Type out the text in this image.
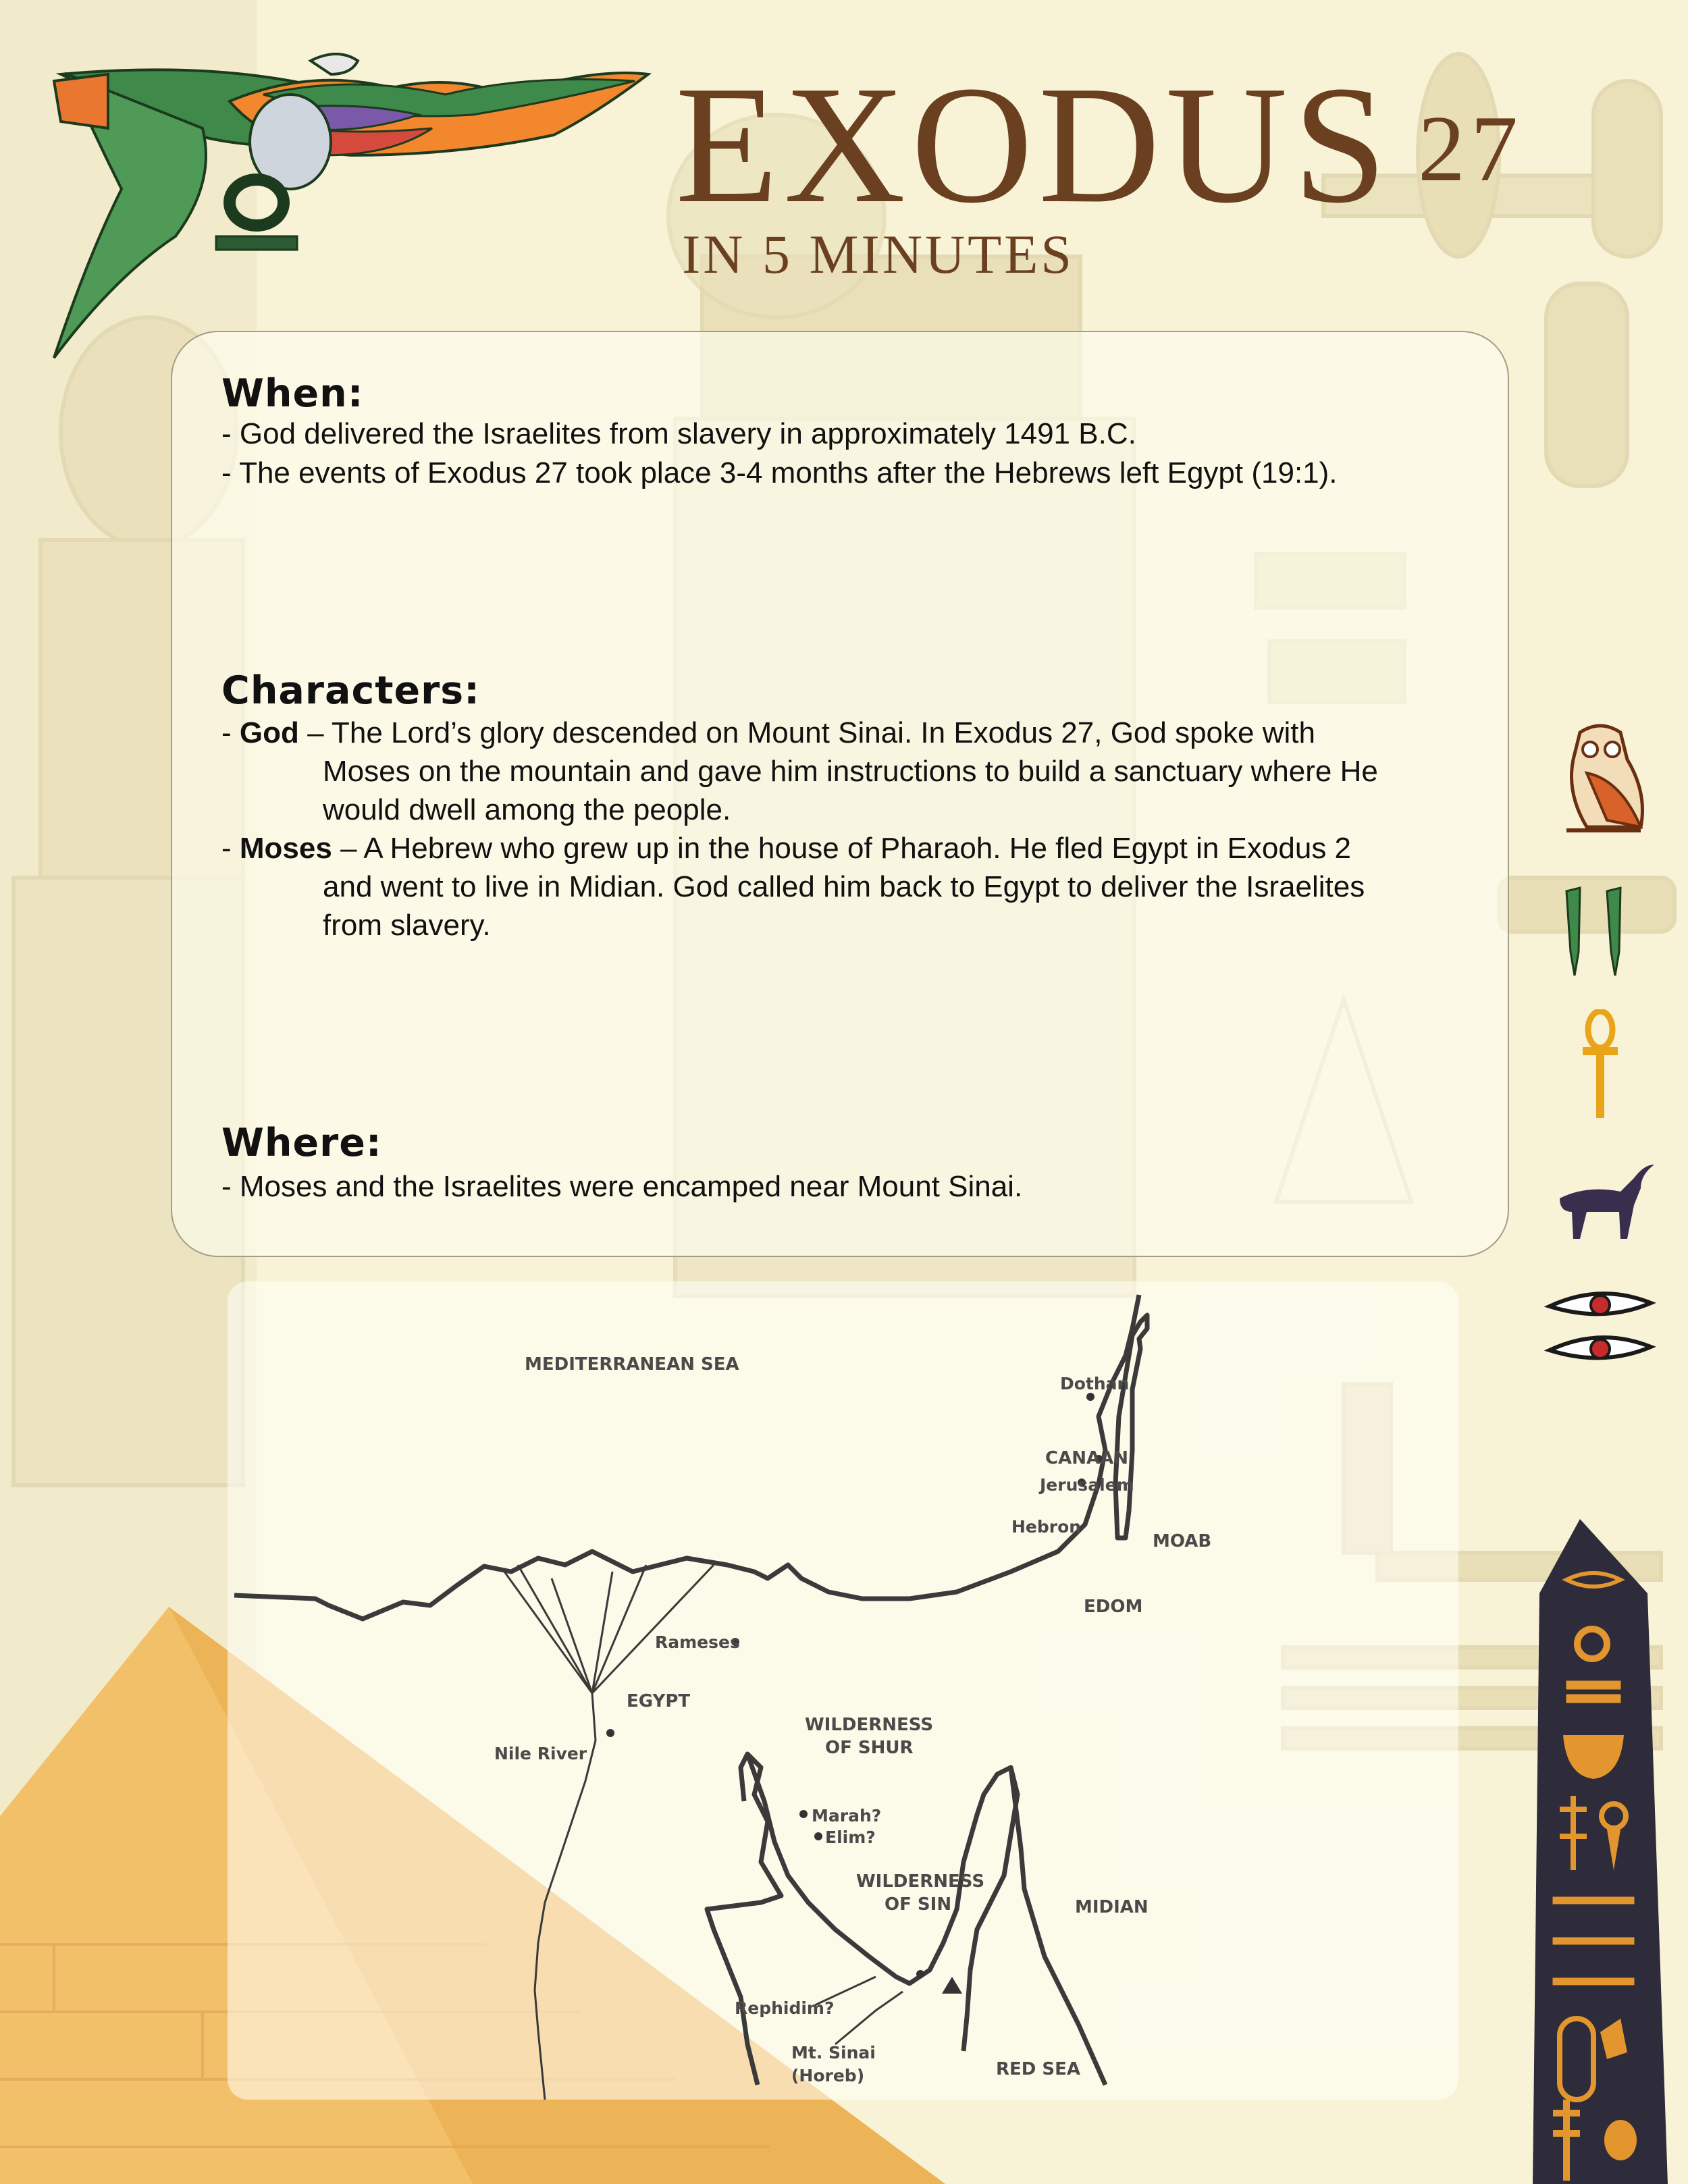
EXODUS 27
IN 5 MINUTES
When:
- God delivered the Israelites from slavery in approximately 1491 B.C.
- The events of Exodus 27 took place 3-4 months after the Hebrews left Egypt (19:1).
Characters:
- God – The Lord’s glory descended on Mount Sinai. In Exodus 27, God spoke with
Moses on the mountain and gave him instructions to build a sanctuary where He
would dwell among the people.
- Moses – A Hebrew who grew up in the house of Pharaoh. He fled Egypt in Exodus 2
and went to live in Midian. God called him back to Egypt to deliver the Israelites
from slavery.
Where:
- Moses and the Israelites were encamped near Mount Sinai.
MEDITERRANEAN SEA
Dothan
CANAAN
Jerusalem
Hebron
MOAB
EDOM
Rameses
EGYPT
Nile River
WILDERNESS
OF SHUR
Marah?
Elim?
WILDERNESS
OF SIN	MIDIAN
Rephidim?
Mt. Sinai
(Horeb)	RED SEA
